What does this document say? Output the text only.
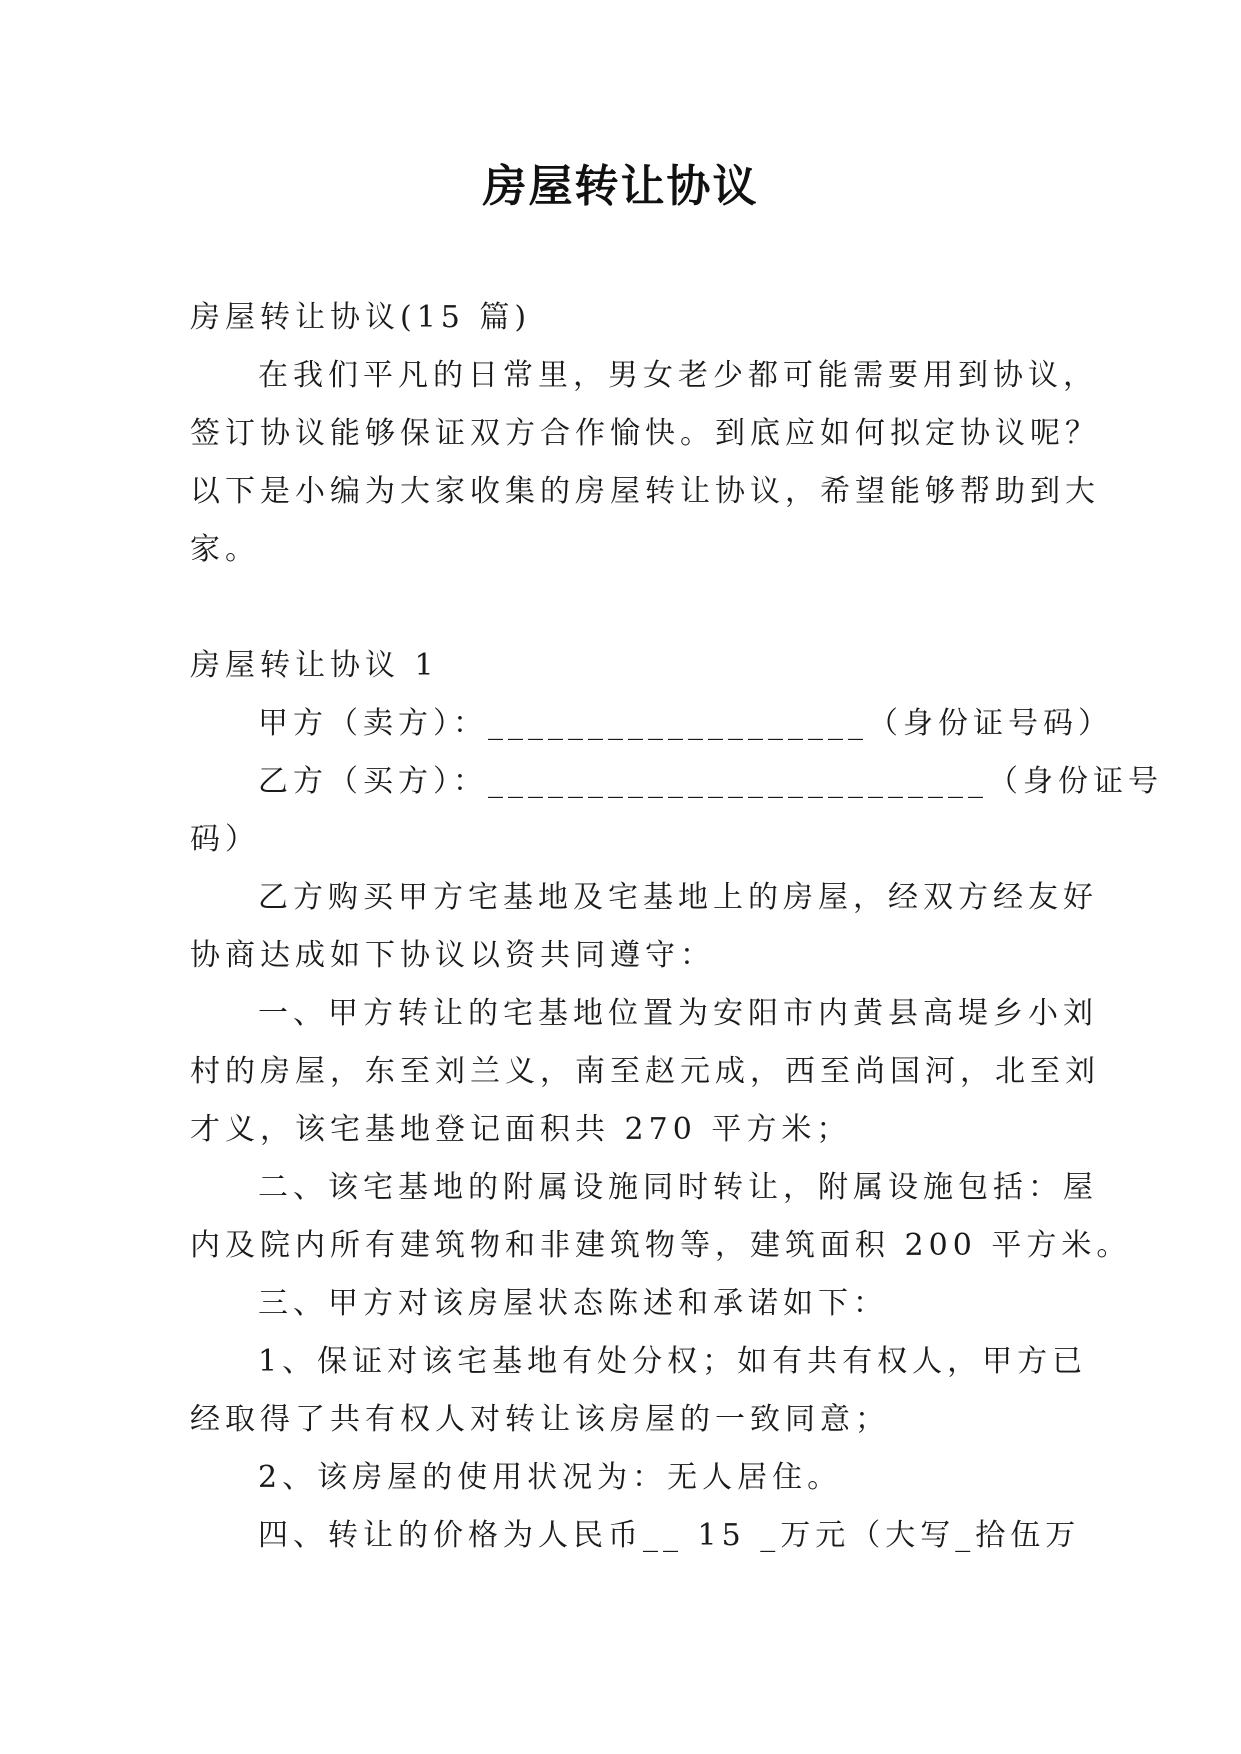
房屋转让协议
房屋转让协议(15 篇)
在我们平凡的日常里，男女老少都可能需要用到协议，
签订协议能够保证双方合作愉快。到底应如何拟定协议呢？
以下是小编为大家收集的房屋转让协议，希望能够帮助到大
家。
房屋转让协议 1
甲方（卖方）：___________________（身份证号码）
乙方（买方）：_________________________（身份证号
码）
乙方购买甲方宅基地及宅基地上的房屋，经双方经友好
协商达成如下协议以资共同遵守：
一、甲方转让的宅基地位置为安阳市内黄县高堤乡小刘
村的房屋，东至刘兰义，南至赵元成，西至尚国河，北至刘
才义，该宅基地登记面积共 270 平方米；
二、该宅基地的附属设施同时转让，附属设施包括：屋
内及院内所有建筑物和非建筑物等，建筑面积 200 平方米。
三、甲方对该房屋状态陈述和承诺如下：
1、保证对该宅基地有处分权；如有共有权人，甲方已
经取得了共有权人对转让该房屋的一致同意；
2、该房屋的使用状况为：无人居住。
四、转让的价格为人民币__ 15 _万元（大写_拾伍万
